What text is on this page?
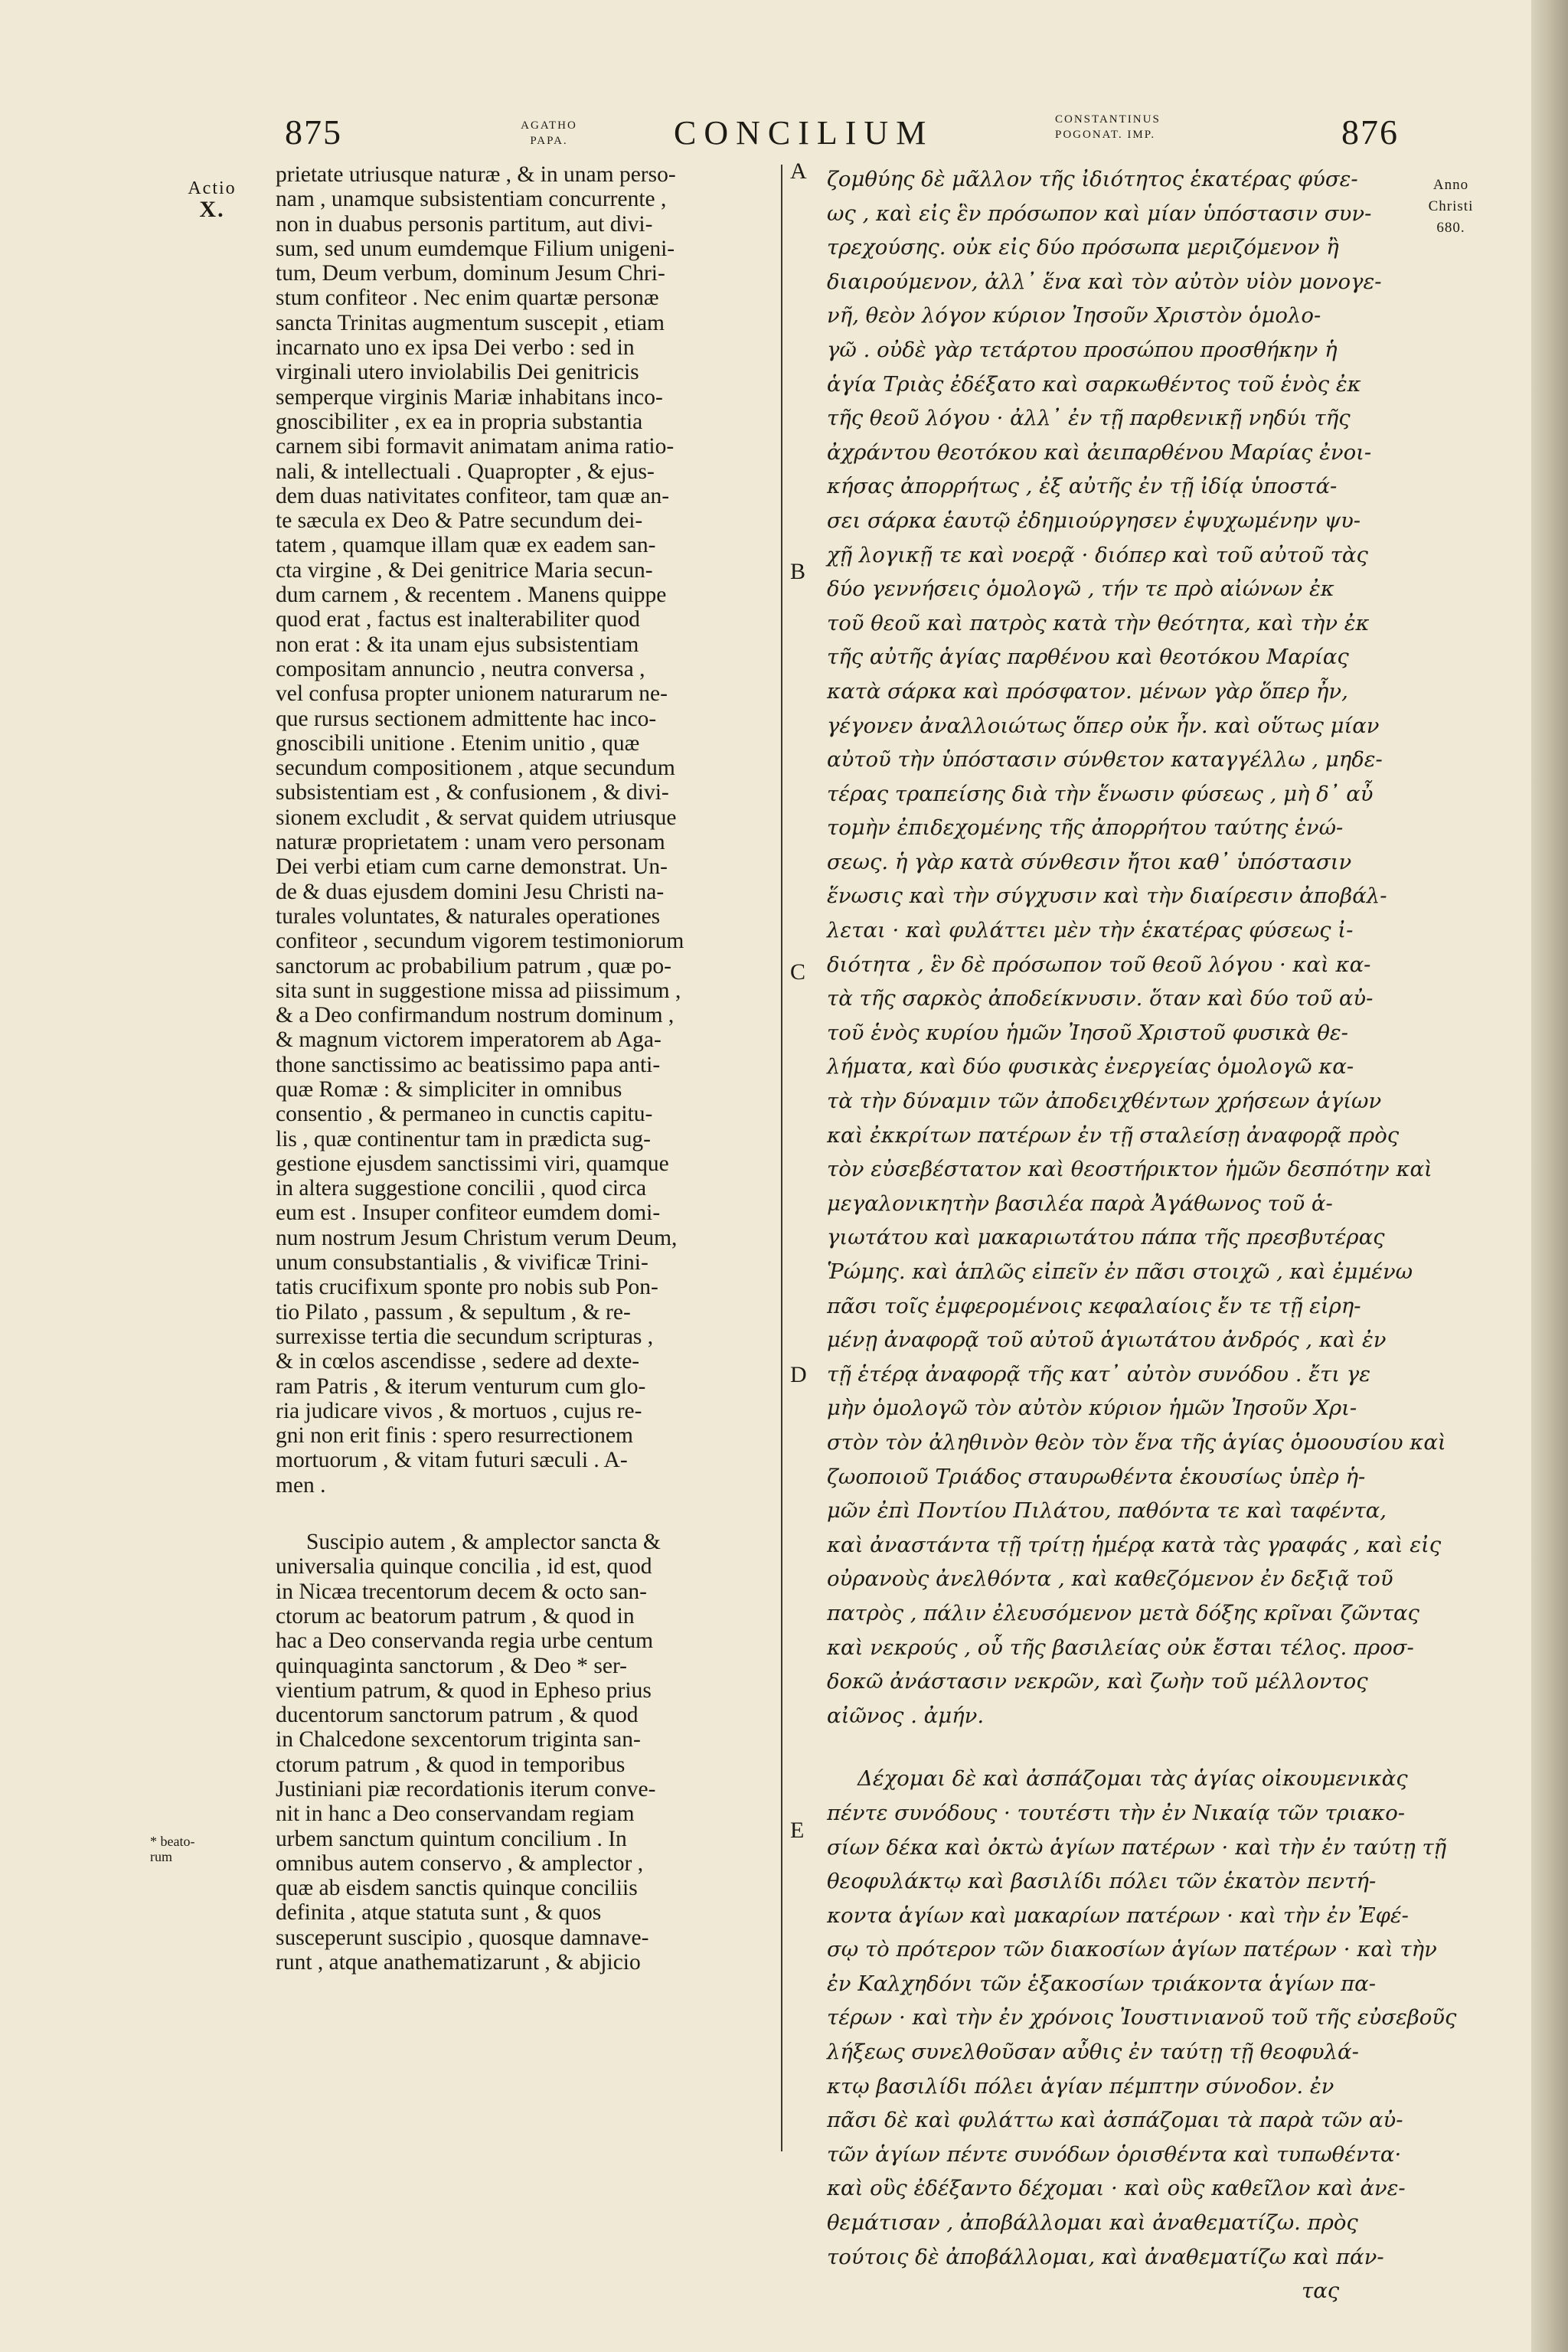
875	AGATHO
PAPA.	CONCILIUM	CONSTANTINUS
POGONAT. IMP.	876
Actio
X.
Anno
Christi
680.
* beato-
rum
prietate utriusque naturæ , & in unam perso-
nam , unamque subsistentiam concurrente ,
non in duabus personis partitum, aut divi-
sum, sed unum eumdemque Filium unigeni-
tum, Deum verbum, dominum Jesum Chri-
stum confiteor . Nec enim quartæ personæ
sancta Trinitas augmentum suscepit , etiam
incarnato uno ex ipsa Dei verbo : sed in
virginali utero inviolabilis Dei genitricis
semperque virginis Mariæ inhabitans inco-
gnoscibiliter , ex ea in propria substantia
carnem sibi formavit animatam anima ratio-
nali, & intellectuali . Quapropter , & ejus-
dem duas nativitates confiteor, tam quæ an-
te sæcula ex Deo & Patre secundum dei-
tatem , quamque illam quæ ex eadem san-
cta virgine , & Dei genitrice Maria secun-
dum carnem , & recentem . Manens quippe
quod erat , factus est inalterabiliter quod
non erat : & ita unam ejus subsistentiam
compositam annuncio , neutra conversa ,
vel confusa propter unionem naturarum ne-
que rursus sectionem admittente hac inco-
gnoscibili unitione . Etenim unitio , quæ
secundum compositionem , atque secundum
subsistentiam est , & confusionem , & divi-
sionem excludit , & servat quidem utriusque
naturæ proprietatem : unam vero personam
Dei verbi etiam cum carne demonstrat. Un-
de & duas ejusdem domini Jesu Christi na-
turales voluntates, & naturales operationes
confiteor , secundum vigorem testimoniorum
sanctorum ac probabilium patrum , quæ po-
sita sunt in suggestione missa ad piissimum ,
& a Deo confirmandum nostrum dominum ,
& magnum victorem imperatorem ab Aga-
thone sanctissimo ac beatissimo papa anti-
quæ Romæ : & simpliciter in omnibus
consentio , & permaneo in cunctis capitu-
lis , quæ continentur tam in prædicta sug-
gestione ejusdem sanctissimi viri, quamque
in altera suggestione concilii , quod circa
eum est . Insuper confiteor eumdem domi-
num nostrum Jesum Christum verum Deum,
unum consubstantialis , & vivificæ Trini-
tatis crucifixum sponte pro nobis sub Pon-
tio Pilato , passum , & sepultum , & re-
surrexisse tertia die secundum scripturas ,
& in cœlos ascendisse , sedere ad dexte-
ram Patris , & iterum venturum cum glo-
ria judicare vivos , & mortuos , cujus re-
gni non erit finis : spero resurrectionem
mortuorum , & vitam futuri sæculi . A-
men .
Suscipio autem , & amplector sancta &
universalia quinque concilia , id est, quod
in Nicæa trecentorum decem & octo san-
ctorum ac beatorum patrum , & quod in
hac a Deo conservanda regia urbe centum
quinquaginta sanctorum , & Deo * ser-
vientium patrum, & quod in Epheso prius
ducentorum sanctorum patrum , & quod
in Chalcedone sexcentorum triginta san-
ctorum patrum , & quod in temporibus
Justiniani piæ recordationis iterum conve-
nit in hanc a Deo conservandam regiam
urbem sanctum quintum concilium . In
omnibus autem conservo , & amplector ,
quæ ab eisdem sanctis quinque conciliis
definita , atque statuta sunt , & quos
susceperunt suscipio , quosque damnave-
runt , atque anathematizarunt , & abjicio
A
B
C
D
E
ζομθύης δὲ μᾶλλον τῆς ἰδιότητος ἑκατέρας φύσε-
ως , καὶ εἰς ἓν πρόσωπον καὶ μίαν ὑπόστασιν συν-
τρεχούσης. οὐκ εἰς δύο πρόσωπα μεριζόμενον ἢ
διαιρούμενον, ἀλλ᾽ ἕνα καὶ τὸν αὐτὸν υἱὸν μονογε-
νῆ, θεὸν λόγον κύριον Ἰησοῦν Χριστὸν ὁμολο-
γῶ . οὐδὲ γὰρ τετάρτου προσώπου προσθήκην ἡ
ἁγία Τριὰς ἐδέξατο καὶ σαρκωθέντος τοῦ ἑνὸς ἐκ
τῆς θεοῦ λόγου · ἀλλ᾽ ἐν τῇ παρθενικῇ νηδύι τῆς
ἀχράντου θεοτόκου καὶ ἀειπαρθένου Μαρίας ἐνοι-
κήσας ἀπορρήτως , ἐξ αὐτῆς ἐν τῇ ἰδίᾳ ὑποστά-
σει σάρκα ἑαυτῷ ἐδημιούργησεν ἐψυχωμένην ψυ-
χῇ λογικῇ τε καὶ νοερᾷ · διόπερ καὶ τοῦ αὐτοῦ τὰς
δύο γεννήσεις ὁμολογῶ , τήν τε πρὸ αἰώνων ἐκ
τοῦ θεοῦ καὶ πατρὸς κατὰ τὴν θεότητα, καὶ τὴν ἐκ
τῆς αὐτῆς ἁγίας παρθένου καὶ θεοτόκου Μαρίας
κατὰ σάρκα καὶ πρόσφατον. μένων γὰρ ὅπερ ἦν,
γέγονεν ἀναλλοιώτως ὅπερ οὐκ ἦν. καὶ οὕτως μίαν
αὐτοῦ τὴν ὑπόστασιν σύνθετον καταγγέλλω , μηδε-
τέρας τραπείσης διὰ τὴν ἕνωσιν φύσεως , μὴ δ᾽ αὖ
τομὴν ἐπιδεχομένης τῆς ἀπορρήτου ταύτης ἑνώ-
σεως. ἡ γὰρ κατὰ σύνθεσιν ἤτοι καθ᾽ ὑπόστασιν
ἕνωσις καὶ τὴν σύγχυσιν καὶ τὴν διαίρεσιν ἀποβάλ-
λεται · καὶ φυλάττει μὲν τὴν ἑκατέρας φύσεως ἰ-
διότητα , ἓν δὲ πρόσωπον τοῦ θεοῦ λόγου · καὶ κα-
τὰ τῆς σαρκὸς ἀποδείκνυσιν. ὅταν καὶ δύο τοῦ αὐ-
τοῦ ἑνὸς κυρίου ἡμῶν Ἰησοῦ Χριστοῦ φυσικὰ θε-
λήματα, καὶ δύο φυσικὰς ἐνεργείας ὁμολογῶ κα-
τὰ τὴν δύναμιν τῶν ἀποδειχθέντων χρήσεων ἁγίων
καὶ ἐκκρίτων πατέρων ἐν τῇ σταλείσῃ ἀναφορᾷ πρὸς
τὸν εὐσεβέστατον καὶ θεοστήρικτον ἡμῶν δεσπότην καὶ
μεγαλονικητὴν βασιλέα παρὰ Ἀγάθωνος τοῦ ἁ-
γιωτάτου καὶ μακαριωτάτου πάπα τῆς πρεσβυτέρας
Ῥώμης. καὶ ἁπλῶς εἰπεῖν ἐν πᾶσι στοιχῶ , καὶ ἐμμένω
πᾶσι τοῖς ἐμφερομένοις κεφαλαίοις ἔν τε τῇ εἰρη-
μένῃ ἀναφορᾷ τοῦ αὐτοῦ ἁγιωτάτου ἀνδρός , καὶ ἐν
τῇ ἑτέρᾳ ἀναφορᾷ τῆς κατ᾽ αὐτὸν συνόδου . ἔτι γε
μὴν ὁμολογῶ τὸν αὐτὸν κύριον ἡμῶν Ἰησοῦν Χρι-
στὸν τὸν ἀληθινὸν θεὸν τὸν ἕνα τῆς ἁγίας ὁμοουσίου καὶ
ζωοποιοῦ Τριάδος σταυρωθέντα ἑκουσίως ὑπὲρ ἡ-
μῶν ἐπὶ Ποντίου Πιλάτου, παθόντα τε καὶ ταφέντα,
καὶ ἀναστάντα τῇ τρίτῃ ἡμέρᾳ κατὰ τὰς γραφάς , καὶ εἰς
οὐρανοὺς ἀνελθόντα , καὶ καθεζόμενον ἐν δεξιᾷ τοῦ
πατρὸς , πάλιν ἐλευσόμενον μετὰ δόξης κρῖναι ζῶντας
καὶ νεκρούς , οὗ τῆς βασιλείας οὐκ ἔσται τέλος. προσ-
δοκῶ ἀνάστασιν νεκρῶν, καὶ ζωὴν τοῦ μέλλοντος
αἰῶνος . ἀμήν.
Δέχομαι δὲ καὶ ἀσπάζομαι τὰς ἁγίας οἰκουμενικὰς
πέντε συνόδους · τουτέστι τὴν ἐν Νικαίᾳ τῶν τριακο-
σίων δέκα καὶ ὀκτὼ ἁγίων πατέρων · καὶ τὴν ἐν ταύτῃ τῇ
θεοφυλάκτῳ καὶ βασιλίδι πόλει τῶν ἑκατὸν πεντή-
κοντα ἁγίων καὶ μακαρίων πατέρων · καὶ τὴν ἐν Ἐφέ-
σῳ τὸ πρότερον τῶν διακοσίων ἁγίων πατέρων · καὶ τὴν
ἐν Καλχηδόνι τῶν ἑξακοσίων τριάκοντα ἁγίων πα-
τέρων · καὶ τὴν ἐν χρόνοις Ἰουστινιανοῦ τοῦ τῆς εὐσεβοῦς
λήξεως συνελθοῦσαν αὖθις ἐν ταύτῃ τῇ θεοφυλά-
κτῳ βασιλίδι πόλει ἁγίαν πέμπτην σύνοδον. ἐν
πᾶσι δὲ καὶ φυλάττω καὶ ἀσπάζομαι τὰ παρὰ τῶν αὐ-
τῶν ἁγίων πέντε συνόδων ὁρισθέντα καὶ τυπωθέντα·
καὶ οὓς ἐδέξαντο δέχομαι · καὶ οὓς καθεῖλον καὶ ἀνε-
θεμάτισαν , ἀποβάλλομαι καὶ ἀναθεματίζω. πρὸς
τούτοις δὲ ἀποβάλλομαι, καὶ ἀναθεματίζω καὶ πάν-
τας
